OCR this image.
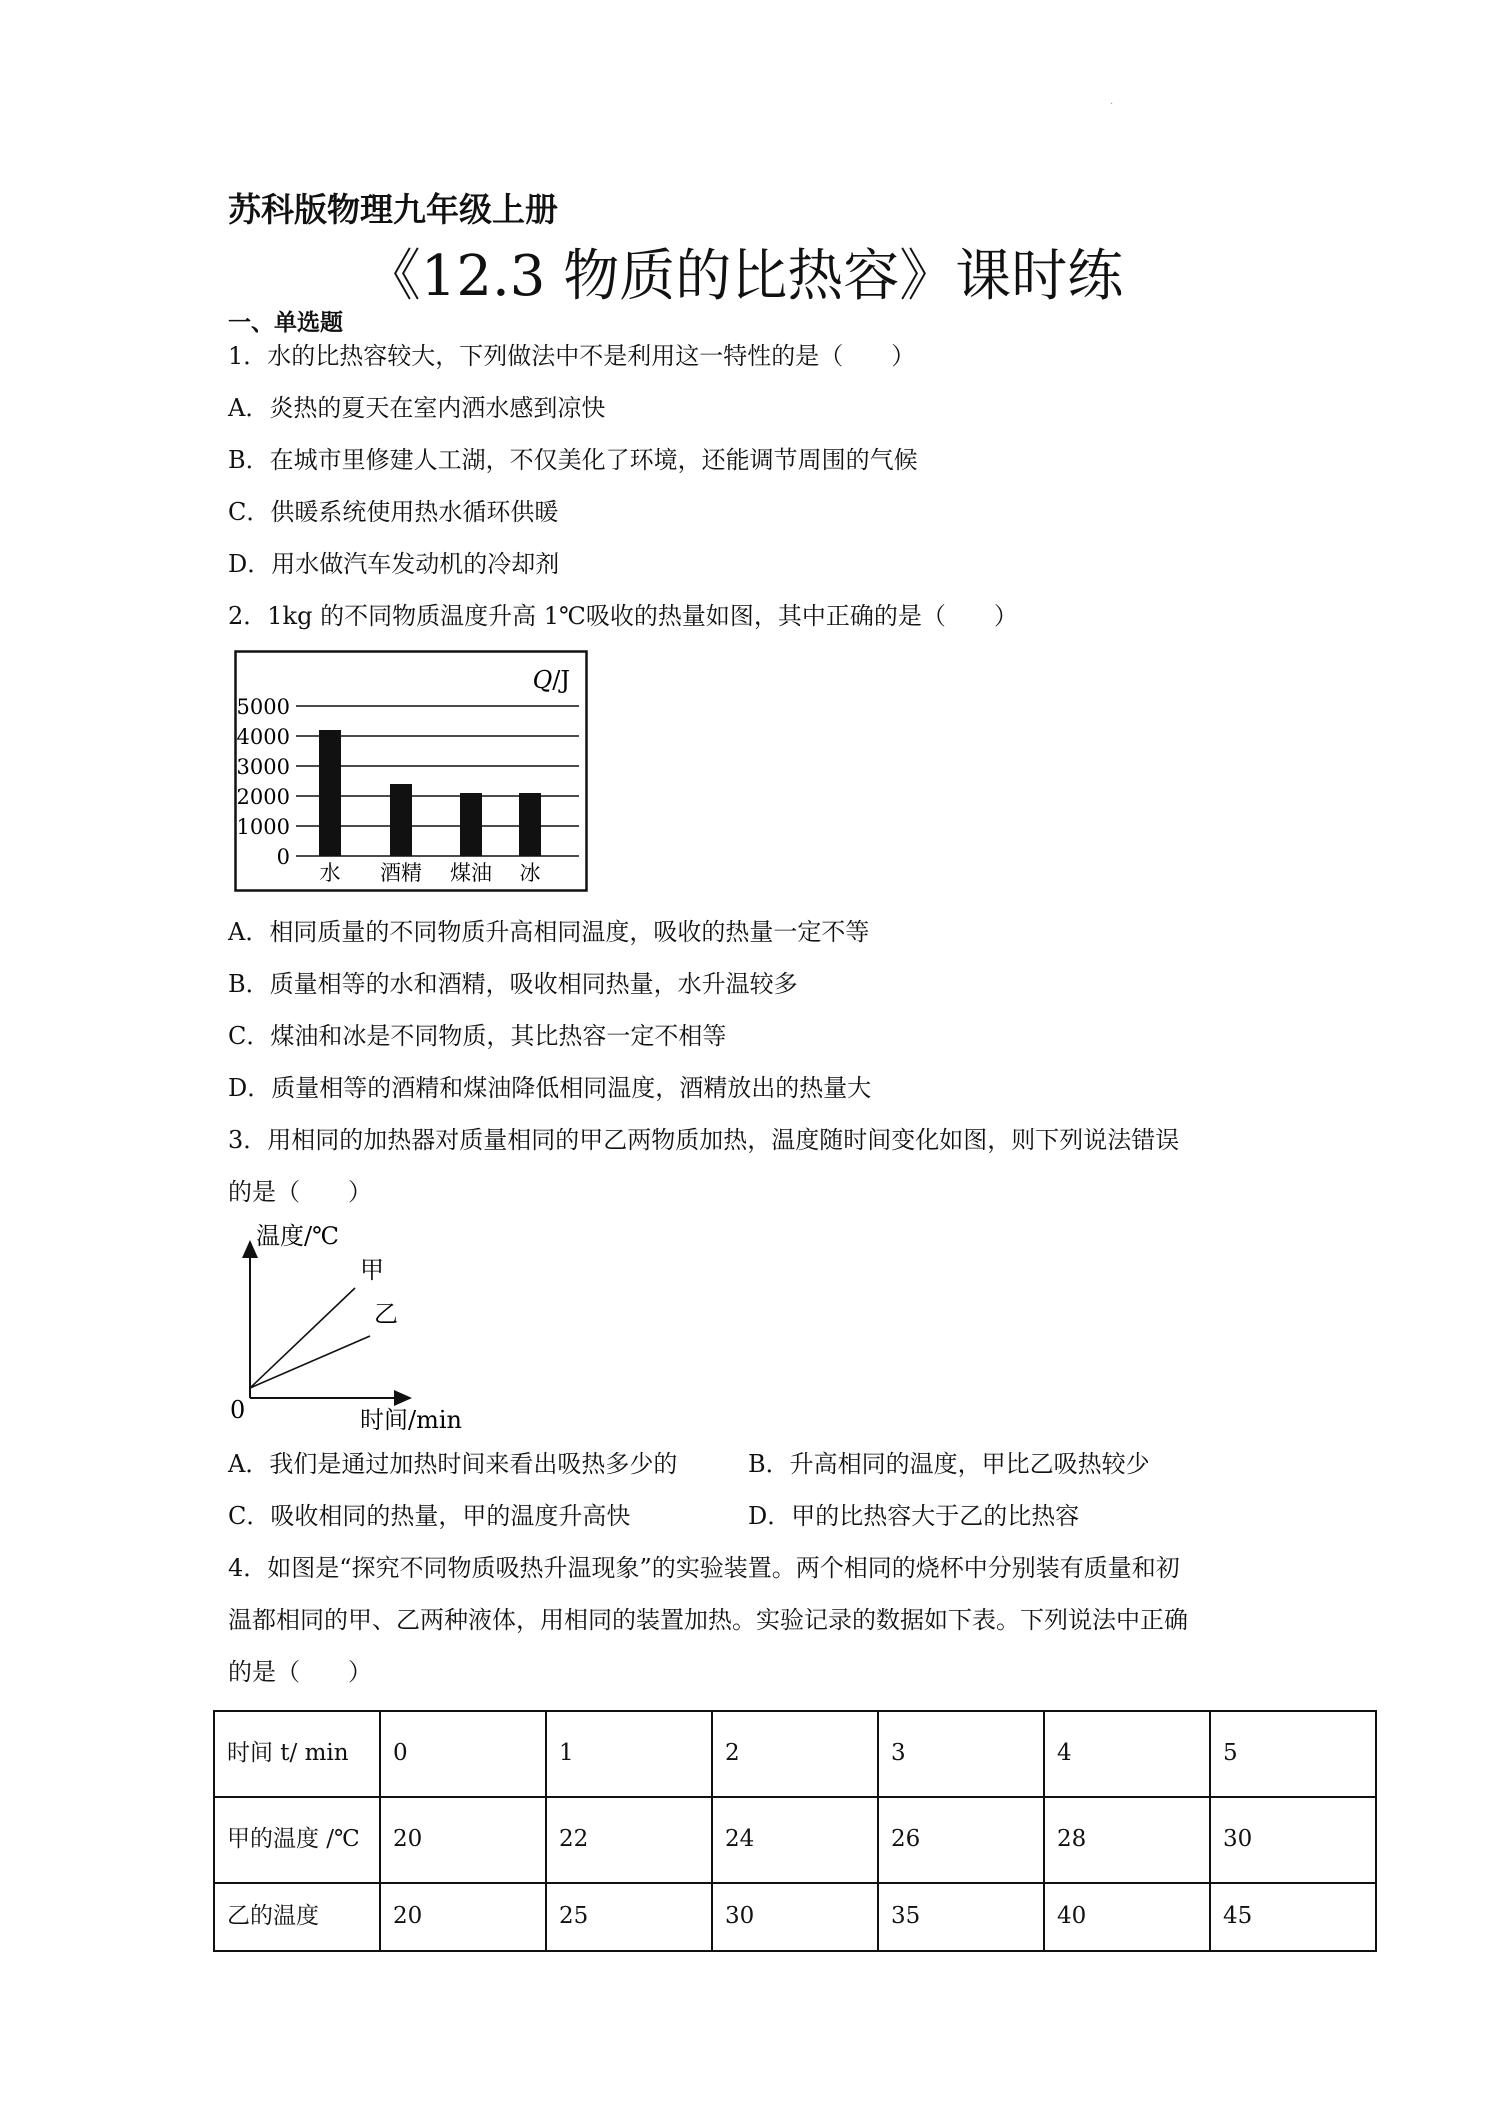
.
苏科版物理九年级上册
《12.3 物质的比热容》课时练
一、单选题
1．水的比热容较大，下列做法中不是利用这一特性的是（　　）
A．炎热的夏天在室内洒水感到凉快
B．在城市里修建人工湖，不仅美化了环境，还能调节周围的气候
C．供暖系统使用热水循环供暖
D．用水做汽车发动机的冷却剂
2．1kg 的不同物质温度升高 1℃吸收的热量如图，其中正确的是（　　）
0
1000
2000
3000
4000
5000
水 酒精 煤油 冰
Q/J
A．相同质量的不同物质升高相同温度，吸收的热量一定不等
B．质量相等的水和酒精，吸收相同热量，水升温较多
C．煤油和冰是不同物质，其比热容一定不相等
D．质量相等的酒精和煤油降低相同温度，酒精放出的热量大
3．用相同的加热器对质量相同的甲乙两物质加热，温度随时间变化如图，则下列说法错误
的是（　　）
甲
乙
温度/℃
时间/min
0
A．我们是通过加热时间来看出吸热多少的	B．升高相同的温度，甲比乙吸热较少
C．吸收相同的热量，甲的温度升高快	D．甲的比热容大于乙的比热容
4．如图是“探究不同物质吸热升温现象”的实验装置。两个相同的烧杯中分别装有质量和初
温都相同的甲、乙两种液体，用相同的装置加热。实验记录的数据如下表。下列说法中正确
的是（　　）
时间 t/ min	0	1	2	3	4	5
甲的温度 /℃	20	22	24	26	28	30
乙的温度	20	25	30	35	40	45
